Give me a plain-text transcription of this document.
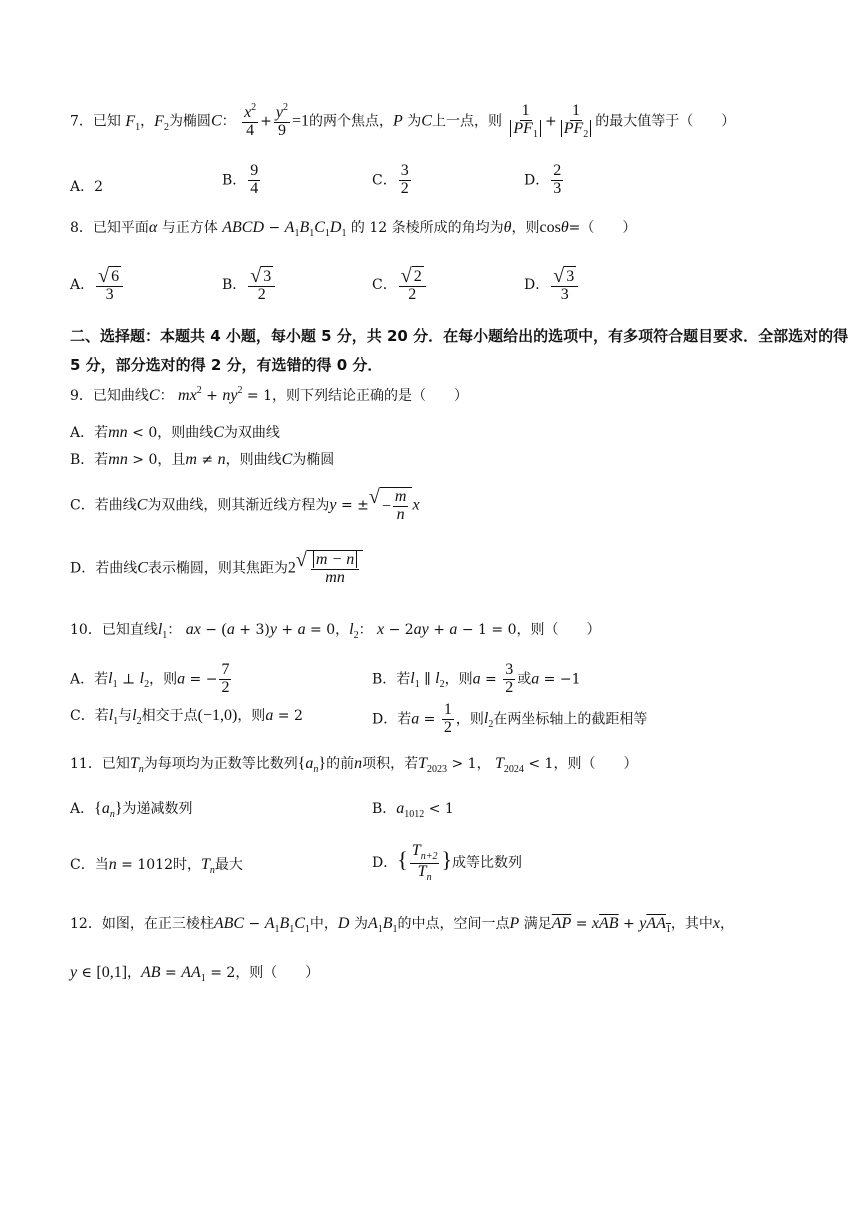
7．已知 $F_1$，$F_2$为椭圆C： $\frac{x^2}{4} + \frac{y^2}{9} =1$的两个焦点，P 为C上一点，则 $\frac{1}{PF_1} + \frac{1}{PF_2}$ 的最大值等于（　　）
A．2	B． $\frac{9}{4}$	C． $\frac{3}{2}$	D． $\frac{2}{3}$
8．已知平面α 与正方体 ABCD − $A_1B_1C_1D_1$ 的 12 条棱所成的角均为θ，则cosθ=（　　）
A． $\frac{√ 6}{3}$	B． $\frac{√ 3}{2}$	C． $\frac{√ 2}{2}$	D． $\frac{√ 3}{3}$
二、选择题：本题共 4 小题，每小题 5 分，共 20 分．在每小题给出的选项中，有多项符合题目要求．全部选对的得 5 分，部分选对的得 2 分，有选错的得 0 分．
9．已知曲线C： $mx^2 + ny^2 = 1$，则下列结论正确的是（　　）
A．若mn < 0，则曲线C为双曲线
B．若mn > 0，且m ≠ n，则曲线C为椭圆
C．若曲线C为双曲线，则其渐近线方程为y = ± √ − $\frac{m}{n}$ x
D．若曲线C表示椭圆，则其焦距为2 √ $\frac{m - n}{mn}$
10．已知直线$l_1$： ax − (a + 3)y + a = 0，$l_2$： x − 2ay + a − 1 = 0，则（　　）
A．若$l_1$ ⊥ $l_2$，则a = − $\frac{7}{2}$	B．若$l_1$ ∥ $l_2$，则$a = \frac{3}{2}$ 或a = −1
C．若$l_1$与$l_2$相交于点(−1,0)，则a = 2	D．若$a = \frac{1}{2}$ ，则$l_2$在两坐标轴上的截距相等
11．已知$T_n$为每项均为正数等比数列$\{a_n\}$的前n项积，若$T_{2023} > 1$， $T_{2024} < 1$，则（　　）
A．$\{a_n\}$为递减数列	B．$a_{1012} < 1$
C．当n = 1012时，$T_n$最大	D．{ $\frac{T_{n+2}}{T_n}$ }成等比数列
12．如图，在正三棱柱ABC − $A_1B_1C_1$中，D 为$A_1B_1$的中点，空间一点P 满足$\overline{AP} = x\overline{AB} + yAA_1$，其中x，
y ∈ [0,1]，AB = $AA_1 = 2$，则（　　）
